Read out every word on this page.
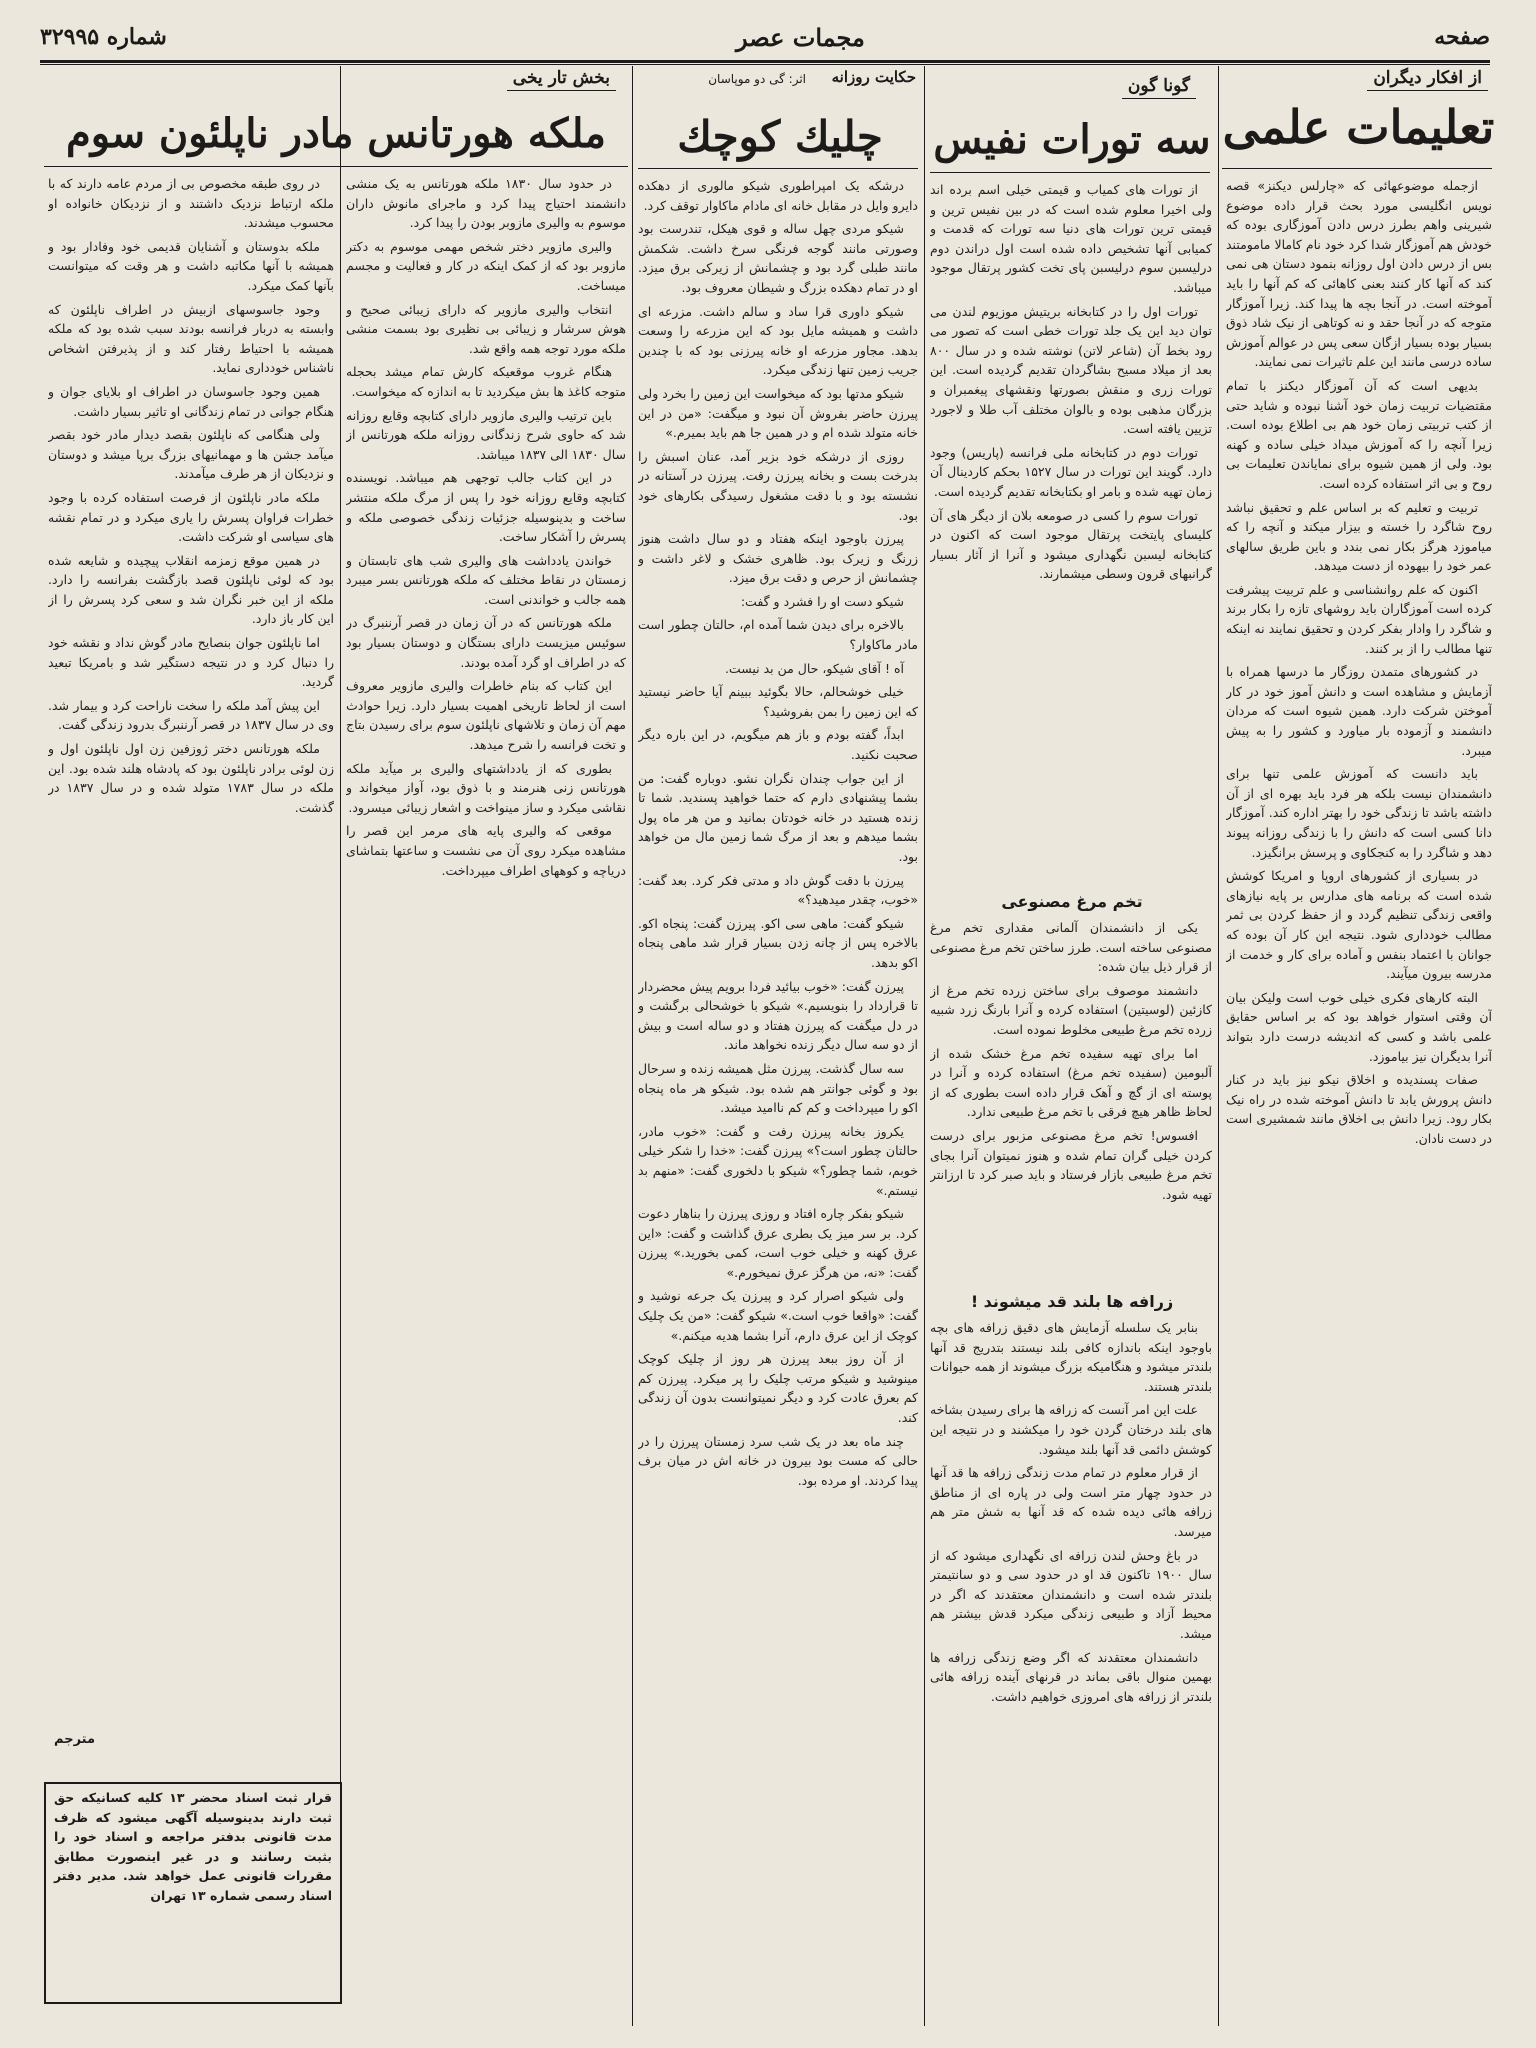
صفحه
مجمات عصر
شماره ۳۲۹۹۵
از افکار دیگران
تعلیمات علمی

ازجمله موضوعهائی که «چارلس دیکنز» قصه نویس انگلیسی مورد بحث قرار داده موضوع شیرینی واهم بطرز درس دادن آموزگاری بوده که خودش هم آموزگار شدا کرد خود نام کامالا مامومتند بس از درس دادن اول روزانه بنمود دستان هی نمی کند که آنها کار کنند بعنی کاهائی که کم آنها را باید آموخته است. در آنجا بچه ها پیدا کند. زیرا آموزگار متوجه که در آنجا حقد و نه کوتاهی از نیک شاد ذوق بسیار بوده بسیار ازگان سعی پس در عوالم آموزش ساده درسی مانند این علم تاثیرات نمی نمایند.

بدیهی است که آن آموزگار دیکنز با تمام مقتضیات تربیت زمان خود آشنا نبوده و شاید حتی از کتب تربیتی زمان خود هم بی اطلاع بوده است. زیرا آنچه را که آموزش میداد خیلی ساده و کهنه بود. ولی از همین شیوه برای نمایاندن تعلیمات بی روح و بی اثر استفاده کرده است.

تربیت و تعلیم که بر اساس علم و تحقیق نباشد روح شاگرد را خسته و بیزار میکند و آنچه را که میاموزد هرگز بکار نمی بندد و باین طریق سالهای عمر خود را بیهوده از دست میدهد.

اکنون که علم روانشناسی و علم تربیت پیشرفت کرده است آموزگاران باید روشهای تازه را بکار برند و شاگرد را وادار بفکر کردن و تحقیق نمایند نه اینکه تنها مطالب را از بر کنند.

در کشورهای متمدن روزگار ما درسها همراه با آزمایش و مشاهده است و دانش آموز خود در کار آموختن شرکت دارد. همین شیوه است که مردان دانشمند و آزموده بار میاورد و کشور را به پیش میبرد.

باید دانست که آموزش علمی تنها برای دانشمندان نیست بلکه هر فرد باید بهره ای از آن داشته باشد تا زندگی خود را بهتر اداره کند. آموزگار دانا کسی است که دانش را با زندگی روزانه پیوند دهد و شاگرد را به کنجکاوی و پرسش برانگیزد.

در بسیاری از کشورهای اروپا و امریکا کوشش شده است که برنامه های مدارس بر پایه نیازهای واقعی زندگی تنظیم گردد و از حفظ کردن بی ثمر مطالب خودداری شود. نتیجه این کار آن بوده که جوانان با اعتماد بنفس و آماده برای کار و خدمت از مدرسه بیرون میآیند.

البته کارهای فکری خیلی خوب است ولیکن بیان آن وقتی استوار خواهد بود که بر اساس حقایق علمی باشد و کسی که اندیشه درست دارد بتواند آنرا بدیگران نیز بیاموزد.

صفات پسندیده و اخلاق نیکو نیز باید در کنار دانش پرورش یابد تا دانش آموخته شده در راه نیک بکار رود. زیرا دانش بی اخلاق مانند شمشیری است در دست نادان.

گونا گون
سه تورات نفیس

از تورات های کمیاب و قیمتی خیلی اسم برده اند ولی اخیرا معلوم شده است که در بین نفیس ترین و قیمتی ترین تورات های دنیا سه تورات که قدمت و کمیابی آنها تشخیص داده شده است اول دراندن دوم درلیسبن سوم درلیسبن پای تخت کشور پرتقال موجود میباشد.

تورات اول را در کتابخانه بریتیش موزیوم لندن می توان دید این یک جلد تورات خطی است که تصور می رود بخط آن (شاعر لاتن) نوشته شده و در سال ۸۰۰ بعد از میلاد مسیح بشاگردان تقدیم گردیده است. این تورات زری و منقش بصورتها ونقشهای پیغمبران و بزرگان مذهبی بوده و بالوان مختلف آب طلا و لاجورد تزیین یافته است.

تورات دوم در کتابخانه ملی فرانسه (پاریس) وجود دارد. گویند این تورات در سال ۱۵۲۷ بحکم کاردینال آن زمان تهیه شده و بامر او بکتابخانه تقدیم گردیده است.

تورات سوم را کسی در صومعه بلان از دیگر های آن کلیسای پایتخت پرتقال موجود است که اکنون در کتابخانه لیسبن نگهداری میشود و آنرا از آثار بسیار گرانبهای قرون وسطی میشمارند.

تخم مرغ مصنوعی

یکی از دانشمندان آلمانی مقداری تخم مرغ مصنوعی ساخته است. طرز ساختن تخم مرغ مصنوعی از قرار ذیل بیان شده:

دانشمند موصوف برای ساختن زرده تخم مرغ از کازئین (لوسیتین) استفاده کرده و آنرا بارنگ زرد شبیه زرده تخم مرغ طبیعی مخلوط نموده است.

اما برای تهیه سفیده تخم مرغ خشک شده از آلبومین (سفیده تخم مرغ) استفاده کرده و آنرا در پوسته ای از گچ و آهک قرار داده است بطوری که از لحاظ ظاهر هیچ فرقی با تخم مرغ طبیعی ندارد.

افسوس! تخم مرغ مصنوعی مزبور برای درست کردن خیلی گران تمام شده و هنوز نمیتوان آنرا بجای تخم مرغ طبیعی بازار فرستاد و باید صبر کرد تا ارزانتر تهیه شود.

زرافه ها بلند قد میشوند !

بنابر یک سلسله آزمایش های دقیق زرافه های بچه باوجود اینکه باندازه کافی بلند نیستند بتدریج قد آنها بلندتر میشود و هنگامیکه بزرگ میشوند از همه حیوانات بلندتر هستند.

علت این امر آنست که زرافه ها برای رسیدن بشاخه های بلند درختان گردن خود را میکشند و در نتیجه این کوشش دائمی قد آنها بلند میشود.

از قرار معلوم در تمام مدت زندگی زرافه ها قد آنها در حدود چهار متر است ولی در پاره ای از مناطق زرافه هائی دیده شده که قد آنها به شش متر هم میرسد.

در باغ وحش لندن زرافه ای نگهداری میشود که از سال ۱۹۰۰ تاکنون قد او در حدود سی و دو سانتیمتر بلندتر شده است و دانشمندان معتقدند که اگر در محیط آزاد و طبیعی زندگی میکرد قدش بیشتر هم میشد.

دانشمندان معتقدند که اگر وضع زندگی زرافه ها بهمین منوال باقی بماند در قرنهای آینده زرافه هائی بلندتر از زرافه های امروزی خواهیم داشت.

حکایت روزانه
اثر: گی دو موپاسان
چلیك كوچك

درشکه یک امپراطوری شیکو مالوری از دهکده دایرو وایل در مقابل خانه ای مادام ماکاوار توقف کرد.

شیکو مردی چهل ساله و قوی هیکل، تندرست بود وصورتی مانند گوجه فرنگی سرخ داشت. شکمش مانند طبلی گرد بود و چشمانش از زیرکی برق میزد. او در تمام دهکده بزرگ و شیطان معروف بود.

شیکو داوری قرا ساد و سالم داشت. مزرعه ای داشت و همیشه مایل بود که این مزرعه را وسعت بدهد. مجاور مزرعه او خانه پیرزنی بود که با چندین جریب زمین تنها زندگی میکرد.

شیکو مدتها بود که میخواست این زمین را بخرد ولی پیرزن حاضر بفروش آن نبود و میگفت: «من در این خانه متولد شده ام و در همین جا هم باید بمیرم.»

روزی از درشکه خود بزیر آمد، عنان اسبش را بدرخت بست و بخانه پیرزن رفت. پیرزن در آستانه در نشسته بود و با دقت مشغول رسیدگی بکارهای خود بود.

پیرزن باوجود اینکه هفتاد و دو سال داشت هنوز زرنگ و زیرک بود. ظاهری خشک و لاغر داشت و چشمانش از حرص و دقت برق میزد.

شیکو دست او را فشرد و گفت:

بالاخره برای دیدن شما آمده ام، حالتان چطور است مادر ماکاوار؟

آه ! آقای شیکو، حال من بد نیست.

خیلی خوشحالم، حالا بگوئید ببینم آیا حاضر نیستید که این زمین را بمن بفروشید؟

ابداً، گفته بودم و باز هم میگویم، در این باره دیگر صحبت نکنید.

از این جواب چندان نگران نشو. دوباره گفت: من بشما پیشنهادی دارم که حتما خواهید پسندید. شما تا زنده هستید در خانه خودتان بمانید و من هر ماه پول بشما میدهم و بعد از مرگ شما زمین مال من خواهد بود.

پیرزن با دقت گوش داد و مدتی فکر کرد. بعد گفت: «خوب، چقدر میدهید؟»

شیکو گفت: ماهی سی اکو. پیرزن گفت: پنجاه اکو. بالاخره پس از چانه زدن بسیار قرار شد ماهی پنجاه اکو بدهد.

پیرزن گفت: «خوب بیائید فردا برویم پیش محضردار تا قرارداد را بنویسیم.» شیکو با خوشحالی برگشت و در دل میگفت که پیرزن هفتاد و دو ساله است و بیش از دو سه سال دیگر زنده نخواهد ماند.

سه سال گذشت. پیرزن مثل همیشه زنده و سرحال بود و گوئی جوانتر هم شده بود. شیکو هر ماه پنجاه اکو را میپرداخت و کم کم ناامید میشد.

یکروز بخانه پیرزن رفت و گفت: «خوب مادر، حالتان چطور است؟» پیرزن گفت: «خدا را شکر خیلی خوبم، شما چطور؟» شیکو با دلخوری گفت: «منهم بد نیستم.»

شیکو بفکر چاره افتاد و روزی پیرزن را بناهار دعوت کرد. بر سر میز یک بطری عرق گذاشت و گفت: «این عرق کهنه و خیلی خوب است، کمی بخورید.» پیرزن گفت: «نه، من هرگز عرق نمیخورم.»

ولی شیکو اصرار کرد و پیرزن یک جرعه نوشید و گفت: «واقعا خوب است.» شیکو گفت: «من یک چلیک کوچک از این عرق دارم، آنرا بشما هدیه میکنم.»

از آن روز ببعد پیرزن هر روز از چلیک کوچک مینوشید و شیکو مرتب چلیک را پر میکرد. پیرزن کم کم بعرق عادت کرد و دیگر نمیتوانست بدون آن زندگی کند.

چند ماه بعد در یک شب سرد زمستان پیرزن را در حالی که مست بود بیرون در خانه اش در میان برف پیدا کردند. او مرده بود.

بخش تار یخی
ملکه هورتانس مادر ناپلئون سوم

در حدود سال ۱۸۳۰ ملکه هورتانس به یک منشی دانشمند احتیاج پیدا کرد و ماجرای مانوش داران موسوم به والیری مازوبر بودن را پیدا کرد.

والیری مازویر دختر شخص مهمی موسوم به دکتر مازوبر بود که از کمک اینکه در کار و فعالیت و مجسم میساخت.

انتخاب والیری مازویر که دارای زیبائی صحیح و هوش سرشار و زیبائی بی نظیری بود بسمت منشی ملکه مورد توجه همه واقع شد.

هنگام غروب موقعیکه کارش تمام میشد بحجله متوجه کاغذ ها بش میکردید تا به اندازه که میخواست.

باین ترتیب والیری مازویر دارای کتابچه وقایع روزانه شد که حاوی شرح زندگانی روزانه ملکه هورتانس از سال ۱۸۳۰ الی ۱۸۳۷ میباشد.

در این کتاب جالب توجهی هم میباشد. نویسنده کتابچه وقایع روزانه خود را پس از مرگ ملکه منتشر ساخت و بدینوسیله جزئیات زندگی خصوصی ملکه و پسرش را آشکار ساخت.

خواندن یادداشت های والیری شب های تابستان و زمستان در نقاط مختلف که ملکه هورتانس بسر میبرد همه جالب و خواندنی است.

ملکه هورتانس که در آن زمان در قصر آرننبرگ در سوئیس میزیست دارای بستگان و دوستان بسیار بود که در اطراف او گرد آمده بودند.

این کتاب که بنام خاطرات والیری مازویر معروف است از لحاظ تاریخی اهمیت بسیار دارد. زیرا حوادث مهم آن زمان و تلاشهای ناپلئون سوم برای رسیدن بتاج و تخت فرانسه را شرح میدهد.

بطوری که از یادداشتهای والیری بر میآید ملکه هورتانس زنی هنرمند و با ذوق بود، آواز میخواند و نقاشی میکرد و ساز مینواخت و اشعار زیبائی میسرود.

موقعی که والیری پایه های مرمر این قصر را مشاهده میکرد روی آن می نشست و ساعتها بتماشای دریاچه و کوههای اطراف میپرداخت.

در روی طبقه مخصوص بی از مردم عامه دارند که با ملکه ارتباط نزدیک داشتند و از نزدیکان خانواده او محسوب میشدند.

ملکه بدوستان و آشنایان قدیمی خود وفادار بود و همیشه با آنها مکاتبه داشت و هر وقت که میتوانست بآنها کمک میکرد.

وجود جاسوسهای ازبیش در اطراف ناپلئون که وابسته به دربار فرانسه بودند سبب شده بود که ملکه همیشه با احتیاط رفتار کند و از پذیرفتن اشخاص ناشناس خودداری نماید.

همین وجود جاسوسان در اطراف او بلایای جوان و هنگام جوانی در تمام زندگانی او تاثیر بسیار داشت.

ولی هنگامی که ناپلئون بقصد دیدار مادر خود بقصر میآمد جشن ها و مهمانیهای بزرگ برپا میشد و دوستان و نزدیکان از هر طرف میآمدند.

ملکه مادر ناپلئون از فرصت استفاده کرده با وجود خطرات فراوان پسرش را یاری میکرد و در تمام نقشه های سیاسی او شرکت داشت.

در همین موقع زمزمه انقلاب پیچیده و شایعه شده بود که لوئی ناپلئون قصد بازگشت بفرانسه را دارد. ملکه از این خبر نگران شد و سعی کرد پسرش را از این کار باز دارد.

اما ناپلئون جوان بنصایح مادر گوش نداد و نقشه خود را دنبال کرد و در نتیجه دستگیر شد و بامریکا تبعید گردید.

این پیش آمد ملکه را سخت ناراحت کرد و بیمار شد. وی در سال ۱۸۳۷ در قصر آرننبرگ بدرود زندگی گفت.

ملکه هورتانس دختر ژوزفین زن اول ناپلئون اول و زن لوئی برادر ناپلئون بود که پادشاه هلند شده بود. این ملکه در سال ۱۷۸۳ متولد شده و در سال ۱۸۳۷ در گذشت.

مترجم
قرار ثبت اسناد محضر ۱۳ کلیه کسانیکه حق ثبت دارند بدینوسیله آگهی میشود که ظرف مدت قانونی بدفتر مراجعه و اسناد خود را بثبت رسانند و در غیر اینصورت مطابق مقررات قانونی عمل خواهد شد. مدیر دفتر اسناد رسمی شماره ۱۳ تهران
